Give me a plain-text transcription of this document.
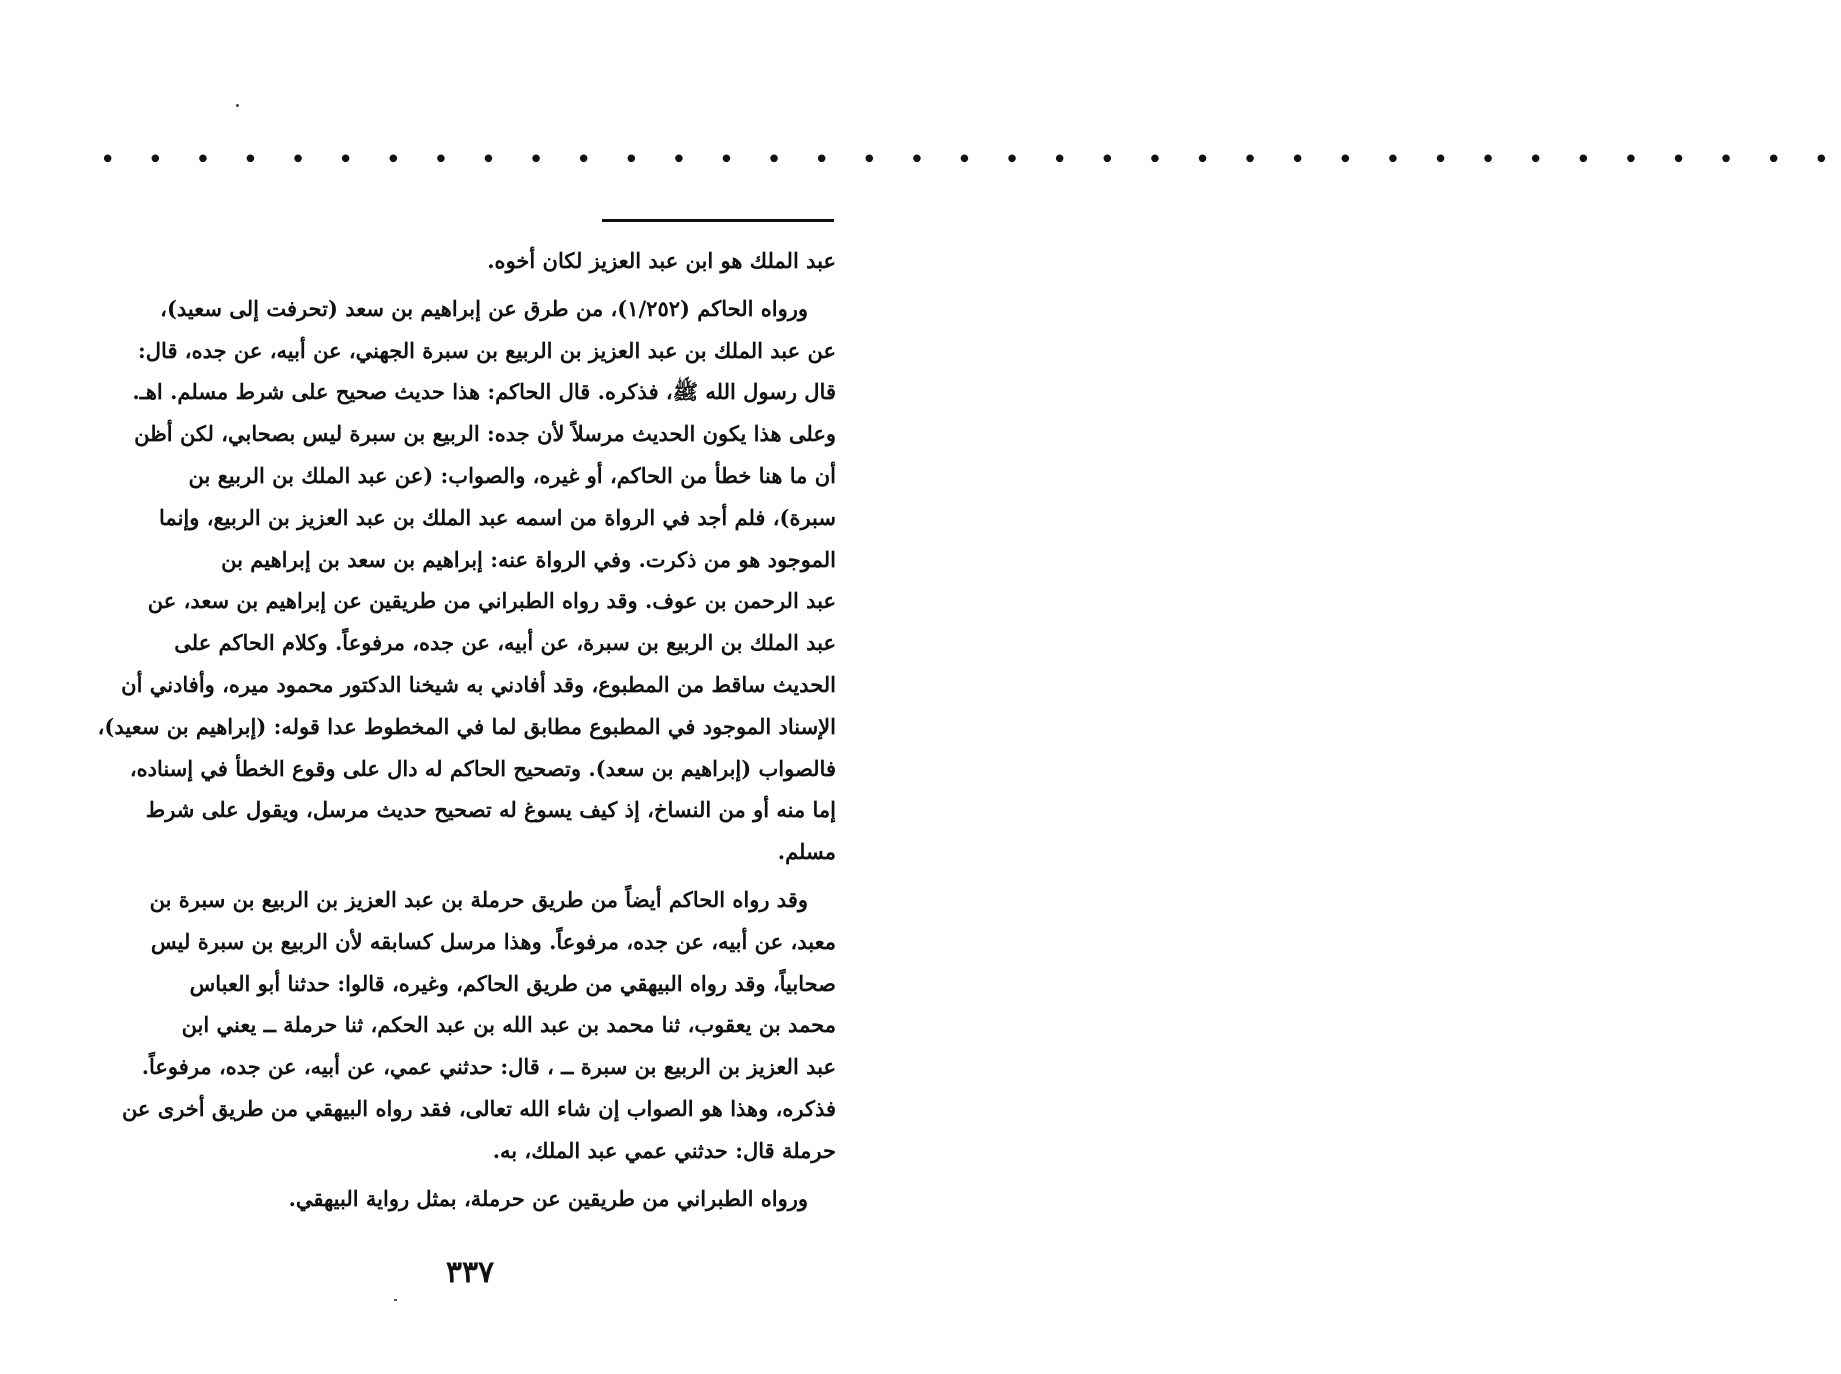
• • • • • • • • • • • • • • • • • • • • • • • • • • • • • • • • • • • • •
عبد الملك هو ابن عبد العزيز لكان أخوه.
ورواه الحاكم (١/٢٥٢)، من طرق عن إبراهيم بن سعد (تحرفت إلى سعيد)،
عن عبد الملك بن عبد العزيز بن الربيع بن سبرة الجهني، عن أبيه، عن جده، قال:
قال رسول الله ﷺ، فذكره. قال الحاكم: هذا حديث صحيح على شرط مسلم. اهـ.
وعلى هذا يكون الحديث مرسلاً لأن جده: الربيع بن سبرة ليس بصحابي، لكن أظن
أن ما هنا خطأ من الحاكم، أو غيره، والصواب: (عن عبد الملك بن الربيع بن
سبرة)، فلم أجد في الرواة من اسمه عبد الملك بن عبد العزيز بن الربيع، وإنما
الموجود هو من ذكرت. وفي الرواة عنه: إبراهيم بن سعد بن إبراهيم بن
عبد الرحمن بن عوف. وقد رواه الطبراني من طريقين عن إبراهيم بن سعد، عن
عبد الملك بن الربيع بن سبرة، عن أبيه، عن جده، مرفوعاً. وكلام الحاكم على
الحديث ساقط من المطبوع، وقد أفادني به شيخنا الدكتور محمود ميره، وأفادني أن
الإسناد الموجود في المطبوع مطابق لما في المخطوط عدا قوله: (إبراهيم بن سعيد)،
فالصواب (إبراهيم بن سعد). وتصحيح الحاكم له دال على وقوع الخطأ في إسناده،
إما منه أو من النساخ، إذ كيف يسوغ له تصحيح حديث مرسل، ويقول على شرط
مسلم.
وقد رواه الحاكم أيضاً من طريق حرملة بن عبد العزيز بن الربيع بن سبرة بن
معبد، عن أبيه، عن جده، مرفوعاً. وهذا مرسل كسابقه لأن الربيع بن سبرة ليس
صحابياً، وقد رواه البيهقي من طريق الحاكم، وغيره، قالوا: حدثنا أبو العباس
محمد بن يعقوب، ثنا محمد بن عبد الله بن عبد الحكم، ثنا حرملة ــ يعني ابن
عبد العزيز بن الربيع بن سبرة ــ ، قال: حدثني عمي، عن أبيه، عن جده، مرفوعاً.
فذكره، وهذا هو الصواب إن شاء الله تعالى، فقد رواه البيهقي من طريق أخرى عن
حرملة قال: حدثني عمي عبد الملك، به.
ورواه الطبراني من طريقين عن حرملة، بمثل رواية البيهقي.
٣٣٧
